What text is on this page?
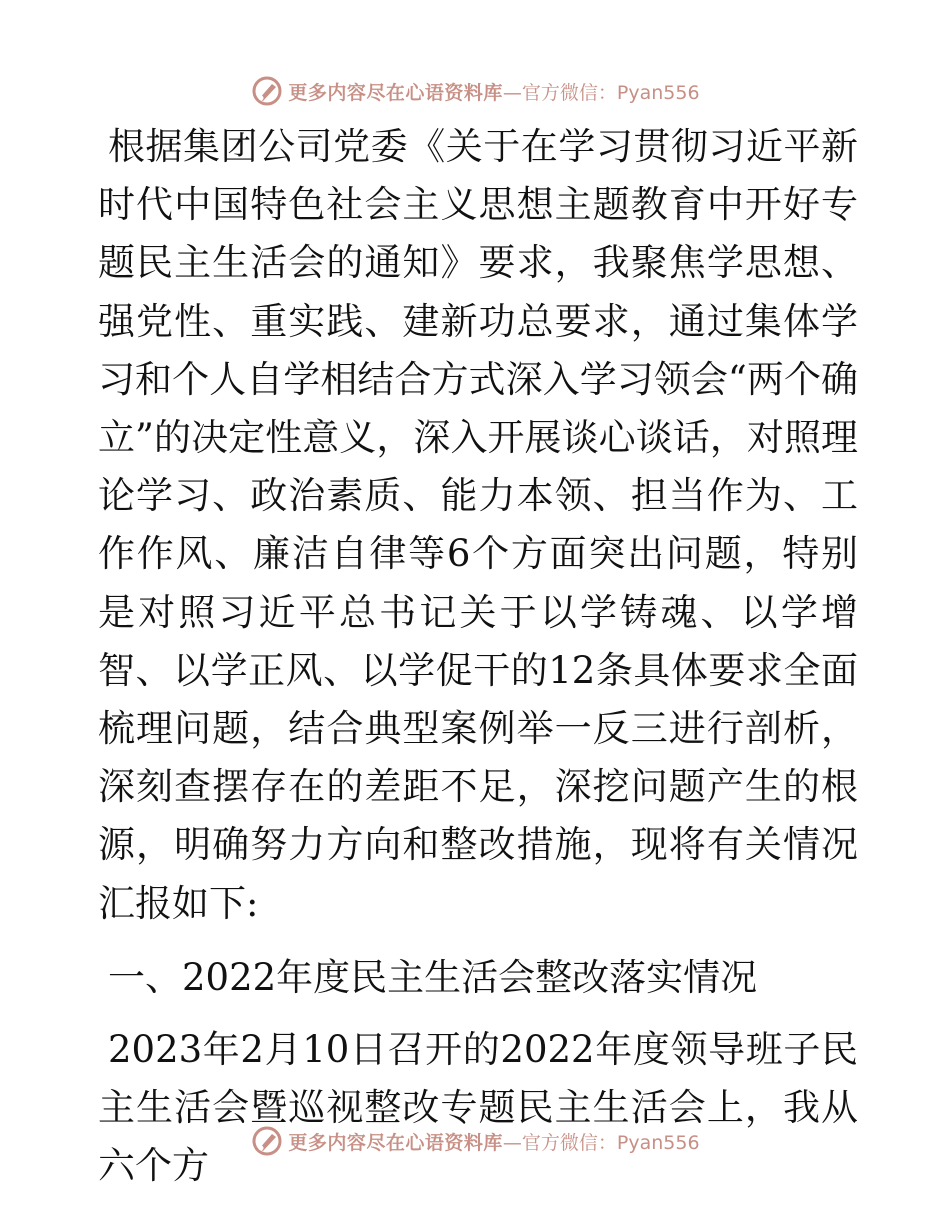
更多内容尽在心语资料库 —官方微信：Pyan556

根据集团公司党委《关于在学习贯彻习近平新时代中国特色社会主义思想主题教育中开好专题民主生活会的通知》要求，我聚焦学思想、强党性、重实践、建新功总要求，通过集体学习和个人自学相结合方式深入学习领会“两个确立”的决定性意义，深入开展谈心谈话，对照理论学习、政治素质、能力本领、担当作为、工作作风、廉洁自律等6个方面突出问题，特别是对照习近平总书记关于以学铸魂、以学增智、以学正风、以学促干的12条具体要求全面梳理问题，结合典型案例举一反三进行剖析，深刻查摆存在的差距不足，深挖问题产生的根源，明确努力方向和整改措施，现将有关情况汇报如下:

一、2022年度民主生活会整改落实情况

2023年2月10日召开的2022年度领导班子民主生活会暨巡视整改专题民主生活会上，我从六个方

更多内容尽在心语资料库 —官方微信：Pyan556
